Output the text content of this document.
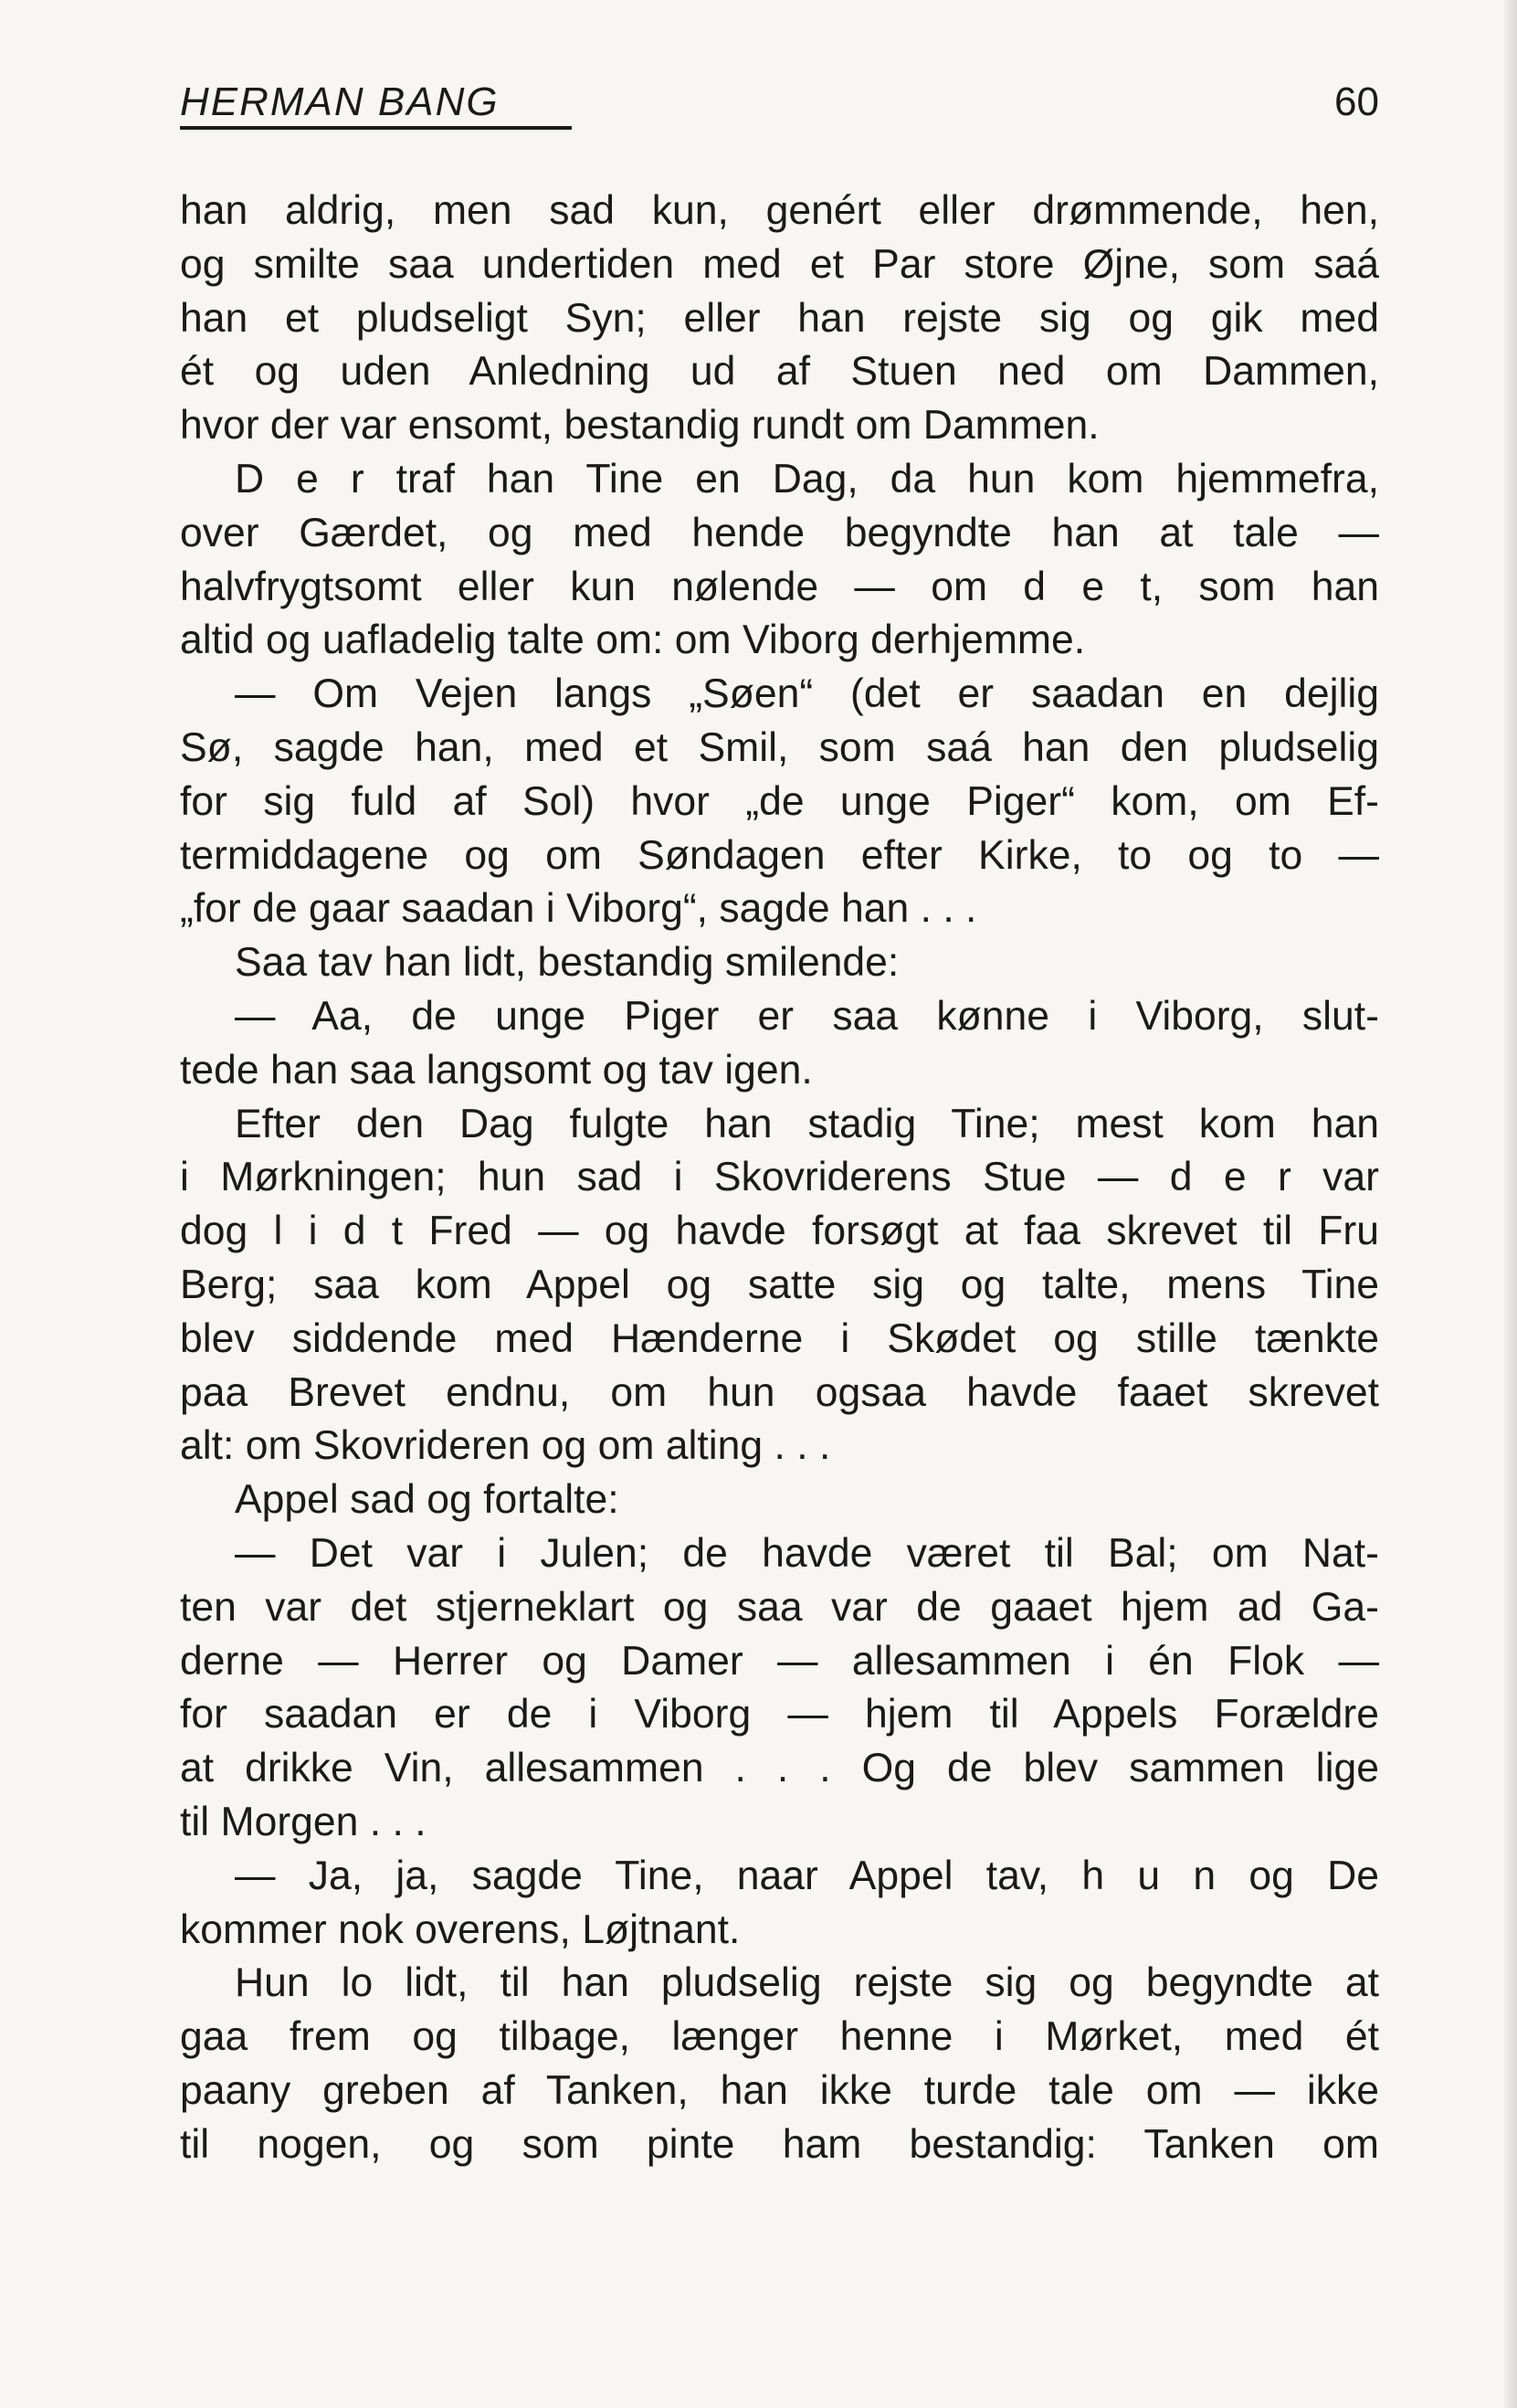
HERMAN BANG	60
han aldrig, men sad kun, genért eller drømmende, hen,
og smilte saa undertiden med et Par store Øjne, som saá
han et pludseligt Syn; eller han rejste sig og gik med
ét og uden Anledning ud af Stuen ned om Dammen,
hvor der var ensomt, bestandig rundt om Dammen.
D e r traf han Tine en Dag, da hun kom hjemmefra,
over Gærdet, og med hende begyndte han at tale —
halvfrygtsomt eller kun nølende — om d e t, som han
altid og uafladelig talte om: om Viborg derhjemme.
— Om Vejen langs „Søen“ (det er saadan en dejlig
Sø, sagde han, med et Smil, som saá han den pludselig
for sig fuld af Sol) hvor „de unge Piger“ kom, om Ef-
termiddagene og om Søndagen efter Kirke, to og to —
„for de gaar saadan i Viborg“, sagde han . . .
Saa tav han lidt, bestandig smilende:
— Aa, de unge Piger er saa kønne i Viborg, slut-
tede han saa langsomt og tav igen.
Efter den Dag fulgte han stadig Tine; mest kom han
i Mørkningen; hun sad i Skovriderens Stue — d e r var
dog l i d t Fred — og havde forsøgt at faa skrevet til Fru
Berg; saa kom Appel og satte sig og talte, mens Tine
blev siddende med Hænderne i Skødet og stille tænkte
paa Brevet endnu, om hun ogsaa havde faaet skrevet
alt: om Skovrideren og om alting . . .
Appel sad og fortalte:
— Det var i Julen; de havde været til Bal; om Nat-
ten var det stjerneklart og saa var de gaaet hjem ad Ga-
derne — Herrer og Damer — allesammen i én Flok —
for saadan er de i Viborg — hjem til Appels Forældre
at drikke Vin, allesammen . . . Og de blev sammen lige
til Morgen . . .
— Ja, ja, sagde Tine, naar Appel tav, h u n og De
kommer nok overens, Løjtnant.
Hun lo lidt, til han pludselig rejste sig og begyndte at
gaa frem og tilbage, længer henne i Mørket, med ét
paany greben af Tanken, han ikke turde tale om — ikke
til nogen, og som pinte ham bestandig: Tanken om
